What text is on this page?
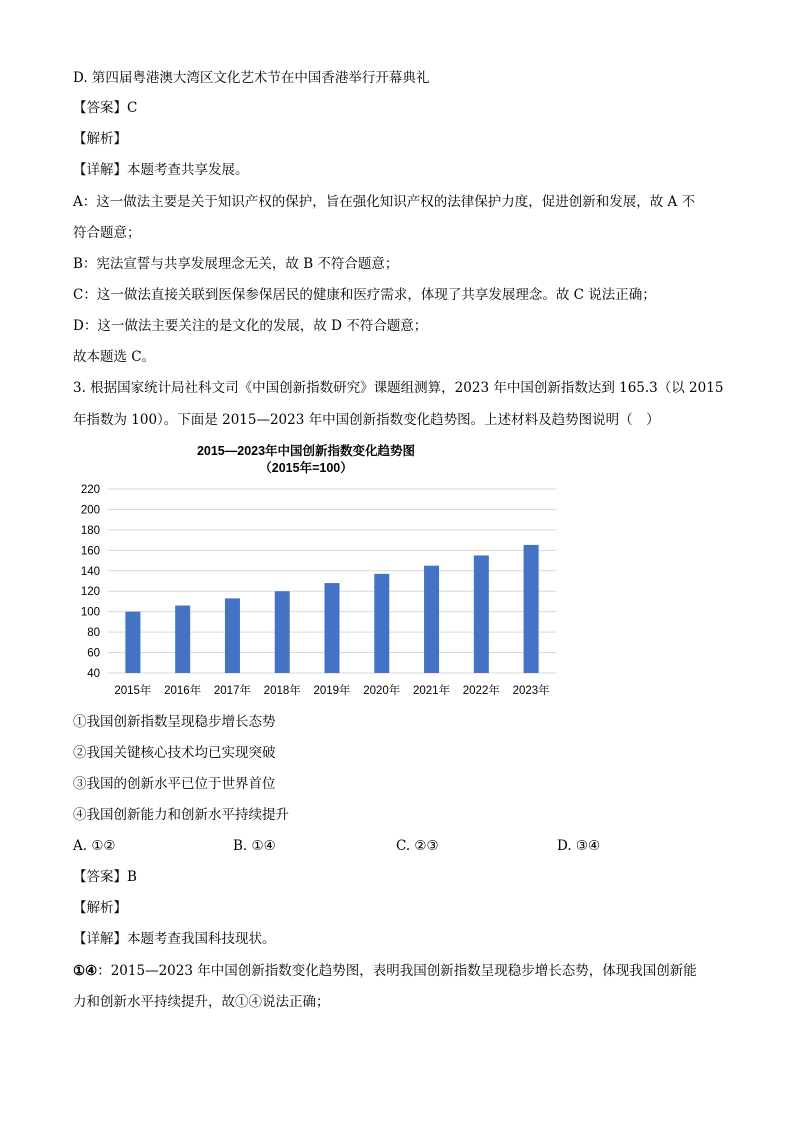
D. 第四届粤港澳大湾区文化艺术节在中国香港举行开幕典礼
【答案】C
【解析】
【详解】本题考查共享发展。
A：这一做法主要是关于知识产权的保护，旨在强化知识产权的法律保护力度，促进创新和发展，故 A 不
符合题意；
B：宪法宣誓与共享发展理念无关，故 B 不符合题意；
C：这一做法直接关联到医保参保居民的健康和医疗需求，体现了共享发展理念。故 C 说法正确；
D：这一做法主要关注的是文化的发展，故 D 不符合题意；
故本题选 C。
3. 根据国家统计局社科文司《中国创新指数研究》课题组测算，2023 年中国创新指数达到 165.3（以 2015
年指数为 100）。下面是 2015—2023 年中国创新指数变化趋势图。上述材料及趋势图说明（　）
2015—2023年中国创新指数变化趋势图
（2015年=100）
40
60
80
100
120
140
160
180
200
220
2015年 2016年 2017年 2018年 2019年 2020年 2021年 2022年 2023年
①我国创新指数呈现稳步增长态势
②我国关键核心技术均已实现突破
③我国的创新水平已位于世界首位
④我国创新能力和创新水平持续提升
A. ①②	B. ①④	C. ②③	D. ③④
【答案】B
【解析】
【详解】本题考查我国科技现状。
①④：2015—2023 年中国创新指数变化趋势图，表明我国创新指数呈现稳步增长态势，体现我国创新能
力和创新水平持续提升，故①④说法正确；
